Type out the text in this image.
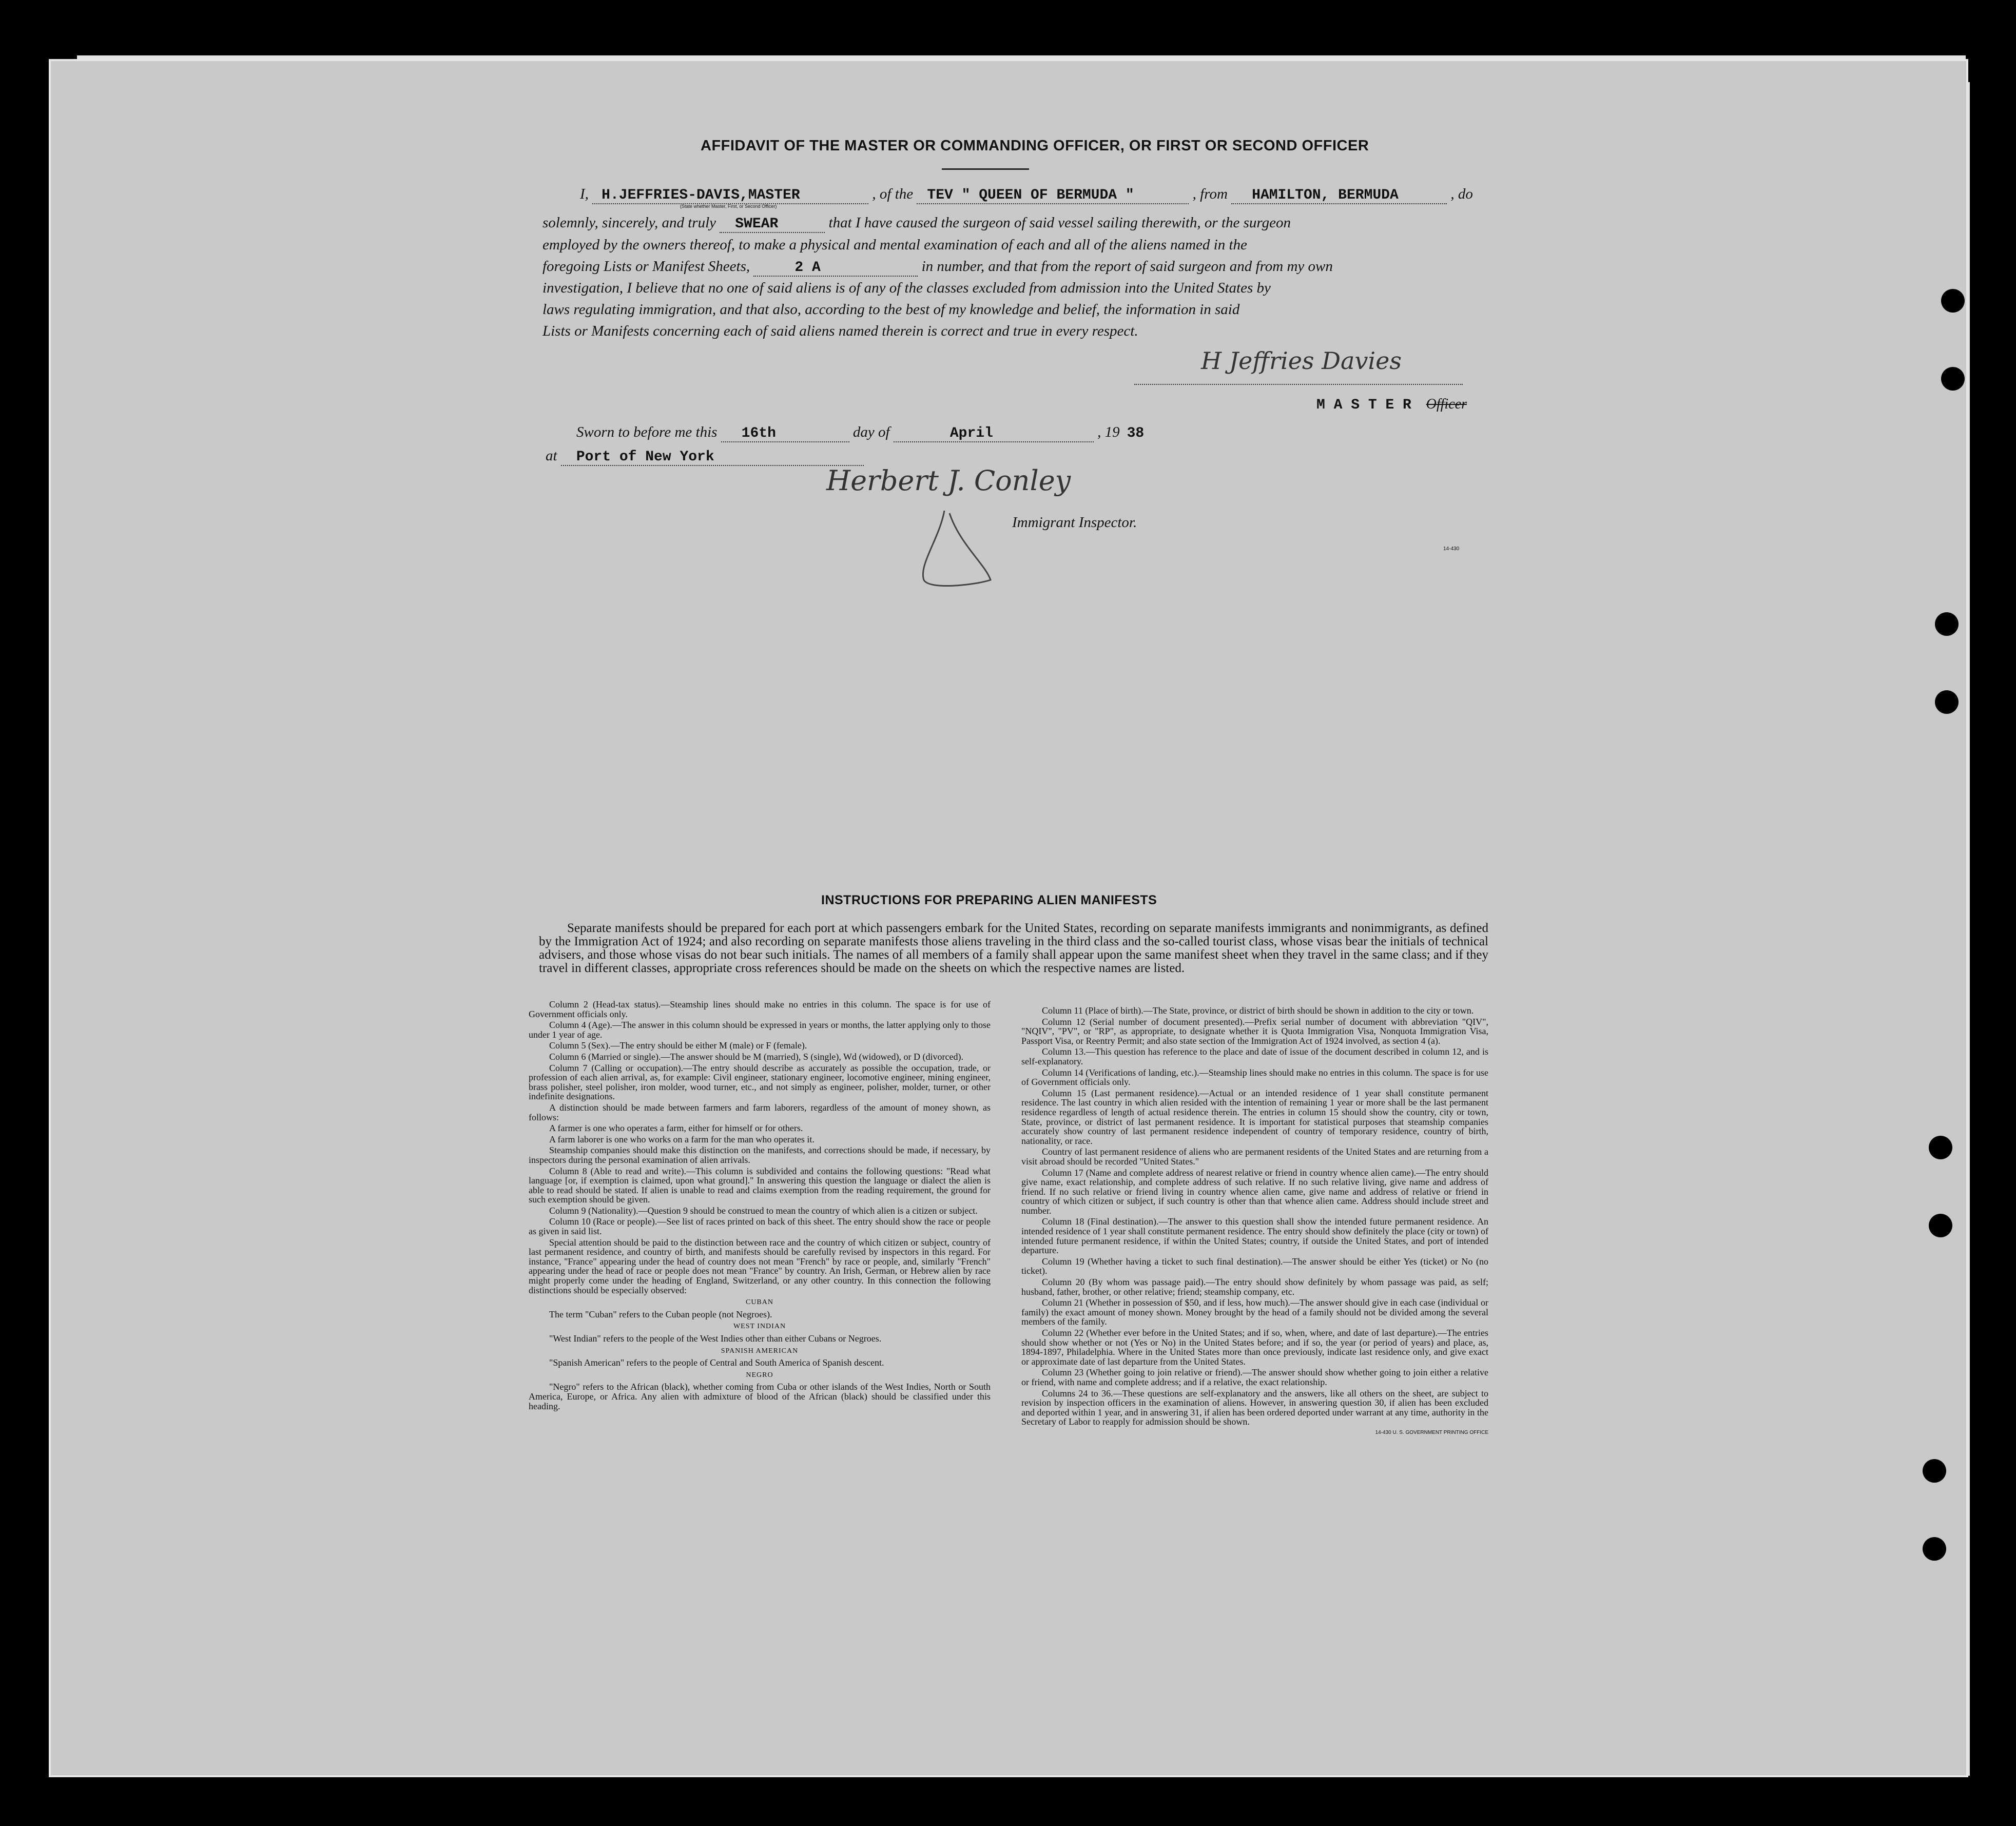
AFFIDAVIT OF THE MASTER OR COMMANDING OFFICER, OR FIRST OR SECOND OFFICER
I, H.JEFFRIES-DAVIS,MASTER	, of the TEV " QUEEN OF BERMUDA "	, from HAMILTON, BERMUDA	, do
(State whether Master, First, or Second Officer)
solemnly, sincerely, and truly SWEAR	that I have caused the surgeon of said vessel sailing therewith, or the surgeon
employed by the owners thereof, to make a physical and mental examination of each and all of the aliens named in the
foregoing Lists or Manifest Sheets,	2 A	in number, and that from the report of said surgeon and from my own
investigation, I believe that no one of said aliens is of any of the classes excluded from admission into the United States by
laws regulating immigration, and that also, according to the best of my knowledge and belief, the information in said
Lists or Manifests concerning each of said aliens named therein is correct and true in every respect.
H Jeffries Davies
M A S T E R Officer
Sworn to before me this 16th	day of	April	, 19 38
at Port of New York
Herbert J. Conley
Immigrant Inspector.
14-430
INSTRUCTIONS FOR PREPARING ALIEN MANIFESTS
Separate manifests should be prepared for each port at which passengers embark for the United States, recording on separate manifests immigrants and nonimmigrants, as defined by the Immigration Act of 1924; and also recording on separate manifests those aliens traveling in the third class and the so-called tourist class, whose visas bear the initials of technical advisers, and those whose visas do not bear such initials. The names of all members of a family shall appear upon the same manifest sheet when they travel in the same class; and if they travel in different classes, appropriate cross references should be made on the sheets on which the respective names are listed.

Column 2 (Head-tax status).—Steamship lines should make no entries in this column. The space is for use of Government officials only.

Column 4 (Age).—The answer in this column should be expressed in years or months, the latter applying only to those under 1 year of age.

Column 5 (Sex).—The entry should be either M (male) or F (female).

Column 6 (Married or single).—The answer should be M (married), S (single), Wd (widowed), or D (divorced).

Column 7 (Calling or occupation).—The entry should describe as accurately as possible the occupation, trade, or profession of each alien arrival, as, for example: Civil engineer, stationary engineer, locomotive engineer, mining engineer, brass polisher, steel polisher, iron molder, wood turner, etc., and not simply as engineer, polisher, molder, turner, or other indefinite designations.

A distinction should be made between farmers and farm laborers, regardless of the amount of money shown, as follows:

A farmer is one who operates a farm, either for himself or for others.

A farm laborer is one who works on a farm for the man who operates it.

Steamship companies should make this distinction on the manifests, and corrections should be made, if necessary, by inspectors during the personal examination of alien arrivals.

Column 8 (Able to read and write).—This column is subdivided and contains the following questions: "Read what language [or, if exemption is claimed, upon what ground]." In answering this question the language or dialect the alien is able to read should be stated. If alien is unable to read and claims exemption from the reading requirement, the ground for such exemption should be given.

Column 9 (Nationality).—Question 9 should be construed to mean the country of which alien is a citizen or subject.

Column 10 (Race or people).—See list of races printed on back of this sheet. The entry should show the race or people as given in said list.

Special attention should be paid to the distinction between race and the country of which citizen or subject, country of last permanent residence, and country of birth, and manifests should be carefully revised by inspectors in this regard. For instance, "France" appearing under the head of country does not mean "French" by race or people, and, similarly "French" appearing under the head of race or people does not mean "France" by country. An Irish, German, or Hebrew alien by race might properly come under the heading of England, Switzerland, or any other country. In this connection the following distinctions should be especially observed:

CUBAN

The term "Cuban" refers to the Cuban people (not Negroes).

WEST INDIAN

"West Indian" refers to the people of the West Indies other than either Cubans or Negroes.

SPANISH AMERICAN

"Spanish American" refers to the people of Central and South America of Spanish descent.

NEGRO

"Negro" refers to the African (black), whether coming from Cuba or other islands of the West Indies, North or South America, Europe, or Africa. Any alien with admixture of blood of the African (black) should be classified under this heading.

Column 11 (Place of birth).—The State, province, or district of birth should be shown in addition to the city or town.

Column 12 (Serial number of document presented).—Prefix serial number of document with abbreviation "QIV", "NQIV", "PV", or "RP", as appropriate, to designate whether it is Quota Immigration Visa, Nonquota Immigration Visa, Passport Visa, or Reentry Permit; and also state section of the Immigration Act of 1924 involved, as section 4 (a).

Column 13.—This question has reference to the place and date of issue of the document described in column 12, and is self-explanatory.

Column 14 (Verifications of landing, etc.).—Steamship lines should make no entries in this column. The space is for use of Government officials only.

Column 15 (Last permanent residence).—Actual or an intended residence of 1 year shall constitute permanent residence. The last country in which alien resided with the intention of remaining 1 year or more shall be the last permanent residence regardless of length of actual residence therein. The entries in column 15 should show the country, city or town, State, province, or district of last permanent residence. It is important for statistical purposes that steamship companies accurately show country of last permanent residence independent of country of temporary residence, country of birth, nationality, or race.

Country of last permanent residence of aliens who are permanent residents of the United States and are returning from a visit abroad should be recorded "United States."

Column 17 (Name and complete address of nearest relative or friend in country whence alien came).—The entry should give name, exact relationship, and complete address of such relative. If no such relative living, give name and address of friend. If no such relative or friend living in country whence alien came, give name and address of relative or friend in country of which citizen or subject, if such country is other than that whence alien came. Address should include street and number.

Column 18 (Final destination).—The answer to this question shall show the intended future permanent residence. An intended residence of 1 year shall constitute permanent residence. The entry should show definitely the place (city or town) of intended future permanent residence, if within the United States; country, if outside the United States, and port of intended departure.

Column 19 (Whether having a ticket to such final destination).—The answer should be either Yes (ticket) or No (no ticket).

Column 20 (By whom was passage paid).—The entry should show definitely by whom passage was paid, as self; husband, father, brother, or other relative; friend; steamship company, etc.

Column 21 (Whether in possession of $50, and if less, how much).—The answer should give in each case (individual or family) the exact amount of money shown. Money brought by the head of a family should not be divided among the several members of the family.

Column 22 (Whether ever before in the United States; and if so, when, where, and date of last departure).—The entries should show whether or not (Yes or No) in the United States before; and if so, the year (or period of years) and place, as, 1894-1897, Philadelphia. Where in the United States more than once previously, indicate last residence only, and give exact or approximate date of last departure from the United States.

Column 23 (Whether going to join relative or friend).—The answer should show whether going to join either a relative or friend, with name and complete address; and if a relative, the exact relationship.

Columns 24 to 36.—These questions are self-explanatory and the answers, like all others on the sheet, are subject to revision by inspection officers in the examination of aliens. However, in answering question 30, if alien has been excluded and deported within 1 year, and in answering 31, if alien has been ordered deported under warrant at any time, authority in the Secretary of Labor to reapply for admission should be shown.

14-430 U. S. GOVERNMENT PRINTING OFFICE
